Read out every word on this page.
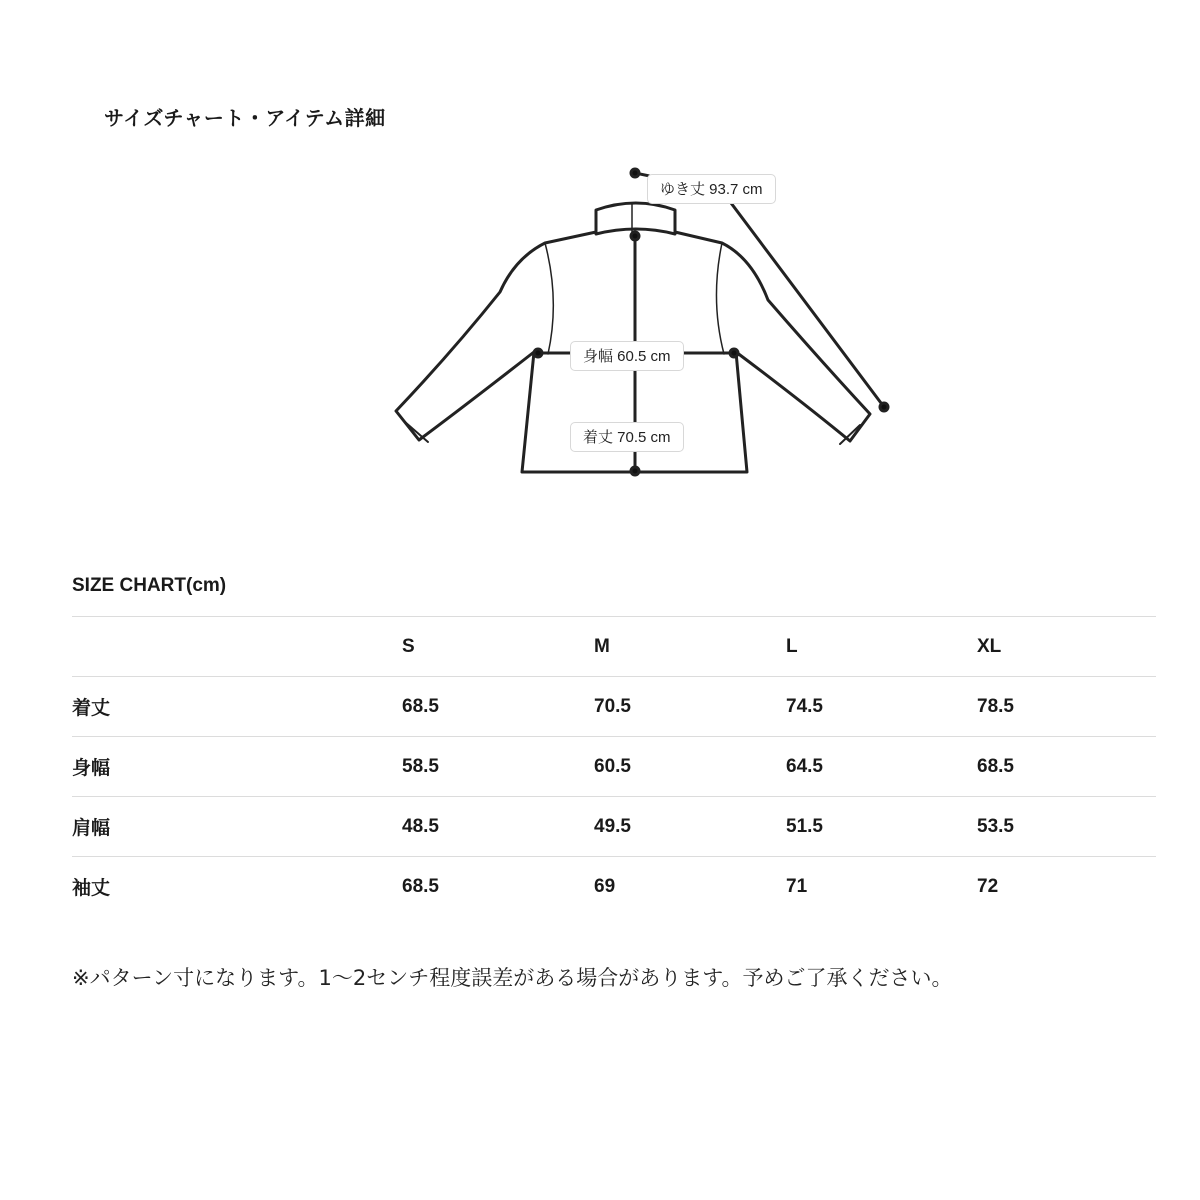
サイズチャート・アイテム詳細
ゆき丈 93.7 cm
身幅 60.5 cm
着丈 70.5 cm
SIZE CHART(cm)
	S	M	L	XL
着丈	68.5	70.5	74.5	78.5
身幅	58.5	60.5	64.5	68.5
肩幅	48.5	49.5	51.5	53.5
袖丈	68.5	69	71	72
※パターン寸になります。1～2センチ程度誤差がある場合があります。予めご了承ください。
